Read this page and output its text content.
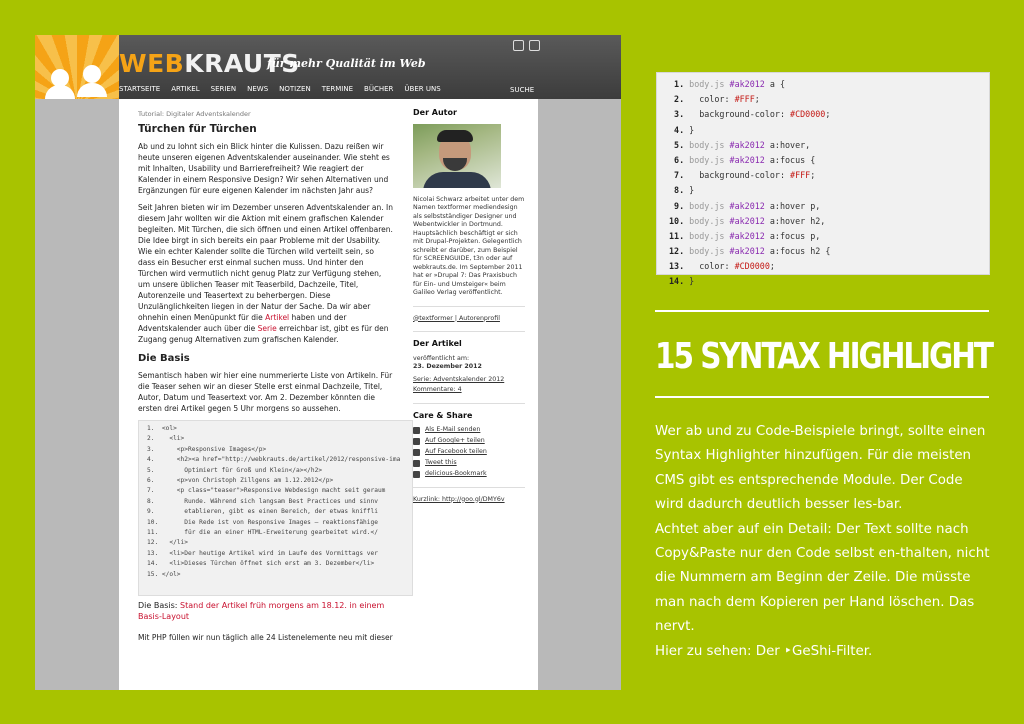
WEBKRAUTS
für mehr Qualität im Web
STARTSEITE ARTIKEL SERIEN NEWS NOTIZEN TERMINE BÜCHER ÜBER UNS	SUCHE
Tutorial: Digitaler Adventskalender
Türchen für Türchen

Ab und zu lohnt sich ein Blick hinter die Kulissen. Dazu reißen wir heute unseren eigenen Adventskalender auseinander. Wie steht es mit Inhalten, Usability und Barrierefreiheit? Wie reagiert der Kalender in einem Responsive Design? Wir sehen Alternativen und Ergänzungen für eure eigenen Kalender im nächsten Jahr aus?

Seit Jahren bieten wir im Dezember unseren Adventskalender an. In diesem Jahr wollten wir die Aktion mit einem grafischen Kalender begleiten. Mit Türchen, die sich öffnen und einen Artikel offenbaren. Die Idee birgt in sich bereits ein paar Probleme mit der Usability. Wie ein echter Kalender sollte die Türchen wild verteilt sein, so dass ein Besucher erst einmal suchen muss. Und hinter den Türchen wird vermutlich nicht genug Platz zur Verfügung stehen, um unsere üblichen Teaser mit Teaserbild, Dachzeile, Titel, Autorenzeile und Teasertext zu beherbergen. Diese Unzulänglichkeiten liegen in der Natur der Sache. Da wir aber ohnehin einen Menüpunkt für die Artikel haben und der Adventskalender auch über die Serie erreichbar ist, gibt es für den Zugang genug Alternativen zum grafischen Kalender.

Die Basis

Semantisch haben wir hier eine nummerierte Liste von Artikeln. Für die Teaser sehen wir an dieser Stelle erst einmal Dachzeile, Titel, Autor, Datum und Teasertext vor. Am 2. Dezember könnten die ersten drei Artikel gegen 5 Uhr morgens so aussehen.

1.  <ol>
2.    <li>
3.      <p>Responsive Images</p>
4.      <h2><a href="http://webkrauts.de/artikel/2012/responsive-ima
5.        Optimiert für Groß und Klein</a></h2>
6.      <p>von Christoph Zillgens am 1.12.2012</p>
7.      <p class="teaser">Responsive Webdesign macht seit geraum
8.        Runde. Während sich langsam Best Practices und sinnv
9.        etablieren, gibt es einen Bereich, der etwas kniffli
10.       Die Rede ist von Responsive Images – reaktionsfähige
11.       für die an einer HTML-Erweiterung gearbeitet wird.</
12.   </li>
13.   <li>Der heutige Artikel wird im Laufe des Vormittags ver
14.   <li>Dieses Türchen öffnet sich erst am 3. Dezember</li>
15. </ol>
Die Basis: Stand der Artikel früh morgens am 18.12. in einem Basis-Layout

Mit PHP füllen wir nun täglich alle 24 Listenelemente neu mit dieser

Der Autor
Nicolai Schwarz arbeitet unter dem Namen textformer mediendesign als selbstständiger Designer und Webentwickler in Dortmund. Hauptsächlich beschäftigt er sich mit Drupal-Projekten. Gelegentlich schreibt er darüber, zum Beispiel für SCREENGUIDE, t3n oder auf webkrauts.de. Im September 2011 hat er »Drupal 7: Das Praxisbuch für Ein- und Umsteiger« beim Galileo Verlag veröffentlicht.
@textformer | Autorenprofil
Der Artikel
veröffentlicht am:
23. Dezember 2012
Serie: Adventskalender 2012
Kommentare: 4
Care & Share
Als E-Mail senden
Auf Google+ teilen
Auf Facebook teilen
Tweet this
delicious-Bookmark
Kurzlink: http://goo.gl/DMY6v
1. body.js #ak2012 a {
2.   color: #FFF;
3.   background-color: #CD0000;
4. }
5. body.js #ak2012 a:hover,
6. body.js #ak2012 a:focus {
7.   background-color: #FFF;
8. }
9. body.js #ak2012 a:hover p,
10. body.js #ak2012 a:hover h2,
11. body.js #ak2012 a:focus p,
12. body.js #ak2012 a:focus h2 {
13.   color: #CD0000;
14. }
15 SYNTAX HIGHLIGHT
Wer ab und zu Code-Beispiele bringt, sollte einen Syntax Highlighter hinzufügen. Für die meisten CMS gibt es entsprechende Module. Der Code wird dadurch deutlich besser les-bar.
Achtet aber auf ein Detail: Der Text sollte nach Copy&Paste nur den Code selbst en-thalten, nicht die Nummern am Beginn der Zeile. Die müsste man nach dem Kopieren per Hand löschen. Das nervt.
Hier zu sehen: Der ‣GeShi-Filter.
